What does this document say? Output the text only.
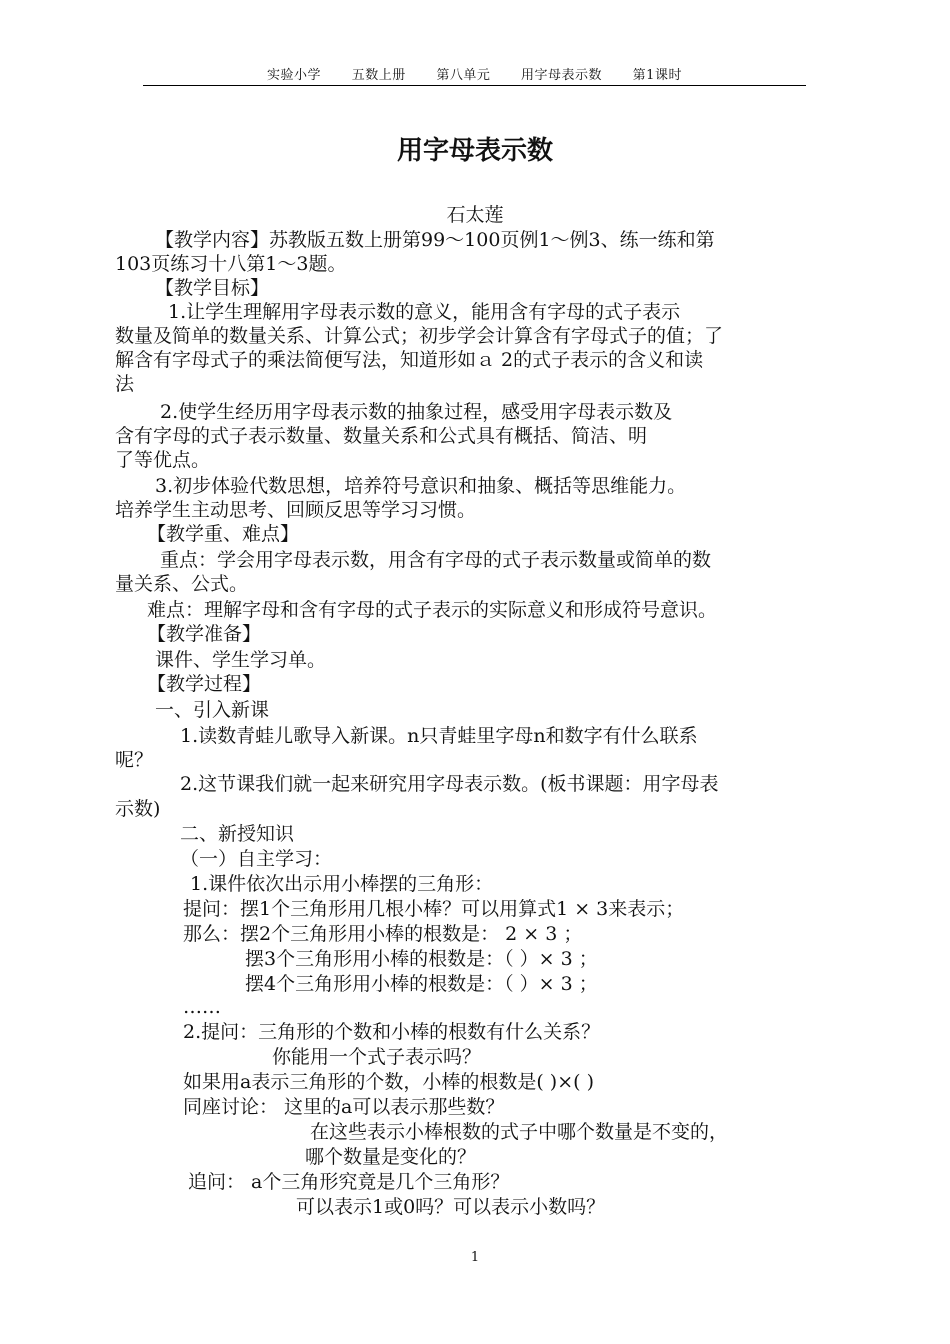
实验小学 五数上册 第八单元 用字母表示数 第1课时
用字母表示数
石太莲
【教学内容】苏教版五数上册第99～100页例1～例3、练一练和第
103页练习十八第1～3题。
【教学目标】
1.让学生理解用字母表示数的意义，能用含有字母的式子表示
数量及简单的数量关系、计算公式；初步学会计算含有字母式子的值；了
解含有字母式子的乘法简便写法，知道形如ａ 2的式子表示的含义和读
法
2.使学生经历用字母表示数的抽象过程，感受用字母表示数及
含有字母的式子表示数量、数量关系和公式具有概括、简洁、明
了等优点。
3.初步体验代数思想，培养符号意识和抽象、概括等思维能力。
培养学生主动思考、回顾反思等学习习惯。
【教学重、难点】
重点：学会用字母表示数，用含有字母的式子表示数量或简单的数
量关系、公式。
难点：理解字母和含有字母的式子表示的实际意义和形成符号意识。
【教学准备】
课件、学生学习单。
【教学过程】
一、引入新课
1.读数青蛙儿歌导入新课。n只青蛙里字母n和数字有什么联系
呢？
2.这节课我们就一起来研究用字母表示数。(板书课题：用字母表
示数)
二、新授知识
（一）自主学习：
1.课件依次出示用小棒摆的三角形：
提问：摆1个三角形用几根小棒？可以用算式1 × 3来表示；
那么：摆2个三角形用小棒的根数是： 2 × 3 ；
摆3个三角形用小棒的根数是：（ ）× 3 ；
摆4个三角形用小棒的根数是：（ ）× 3 ；
……
2.提问：三角形的个数和小棒的根数有什么关系？
你能用一个式子表示吗？
如果用a表示三角形的个数，小棒的根数是( )×( )
同座讨论： 这里的a可以表示那些数？
在这些表示小棒根数的式子中哪个数量是不变的，
哪个数量是变化的？
追问： a个三角形究竟是几个三角形？
可以表示1或0吗？可以表示小数吗？
1
